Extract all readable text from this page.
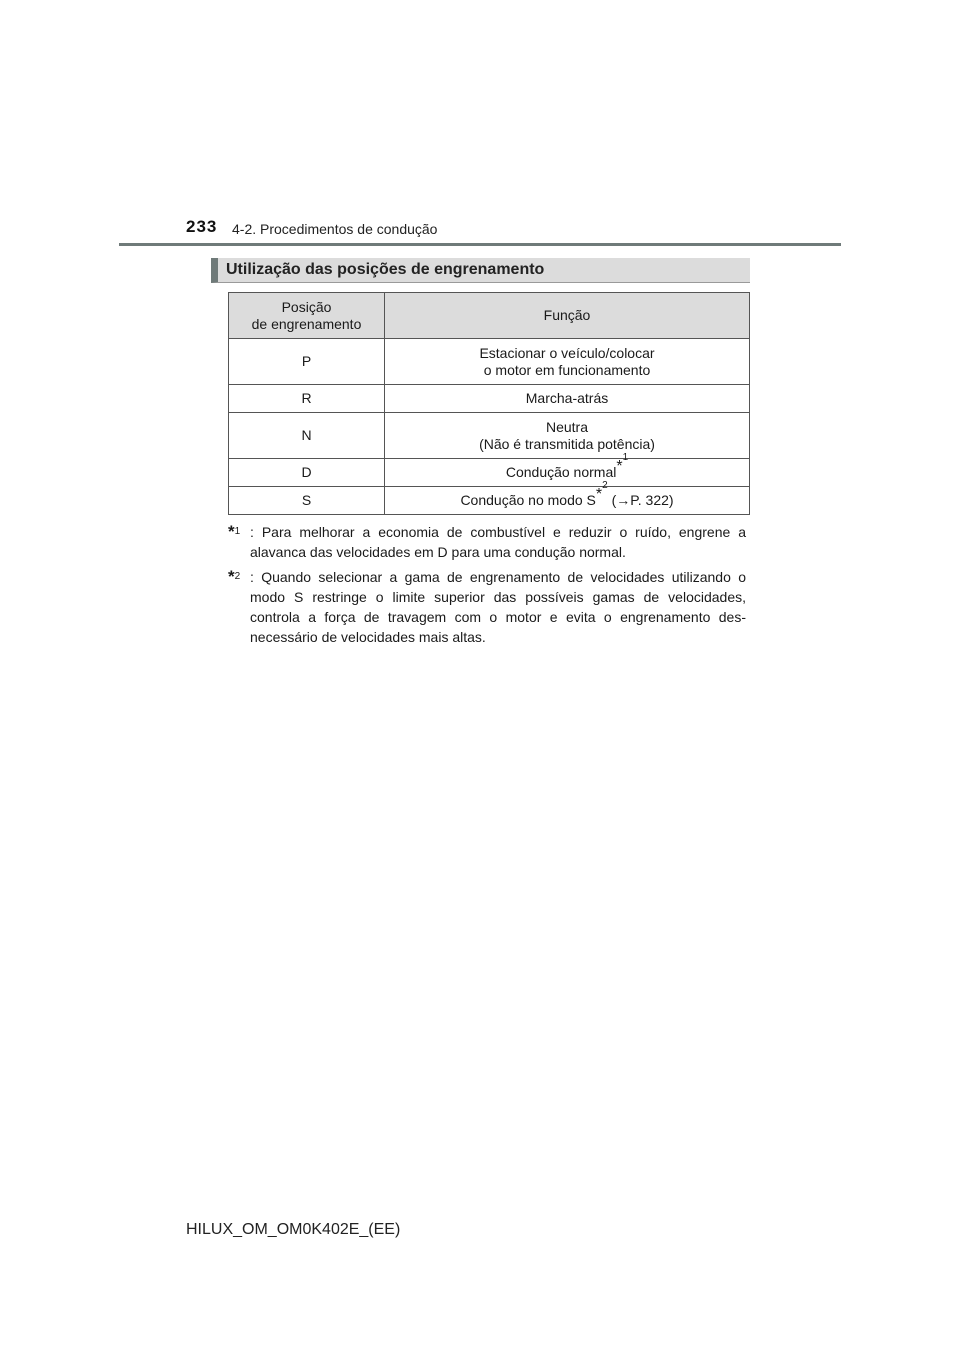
233 4-2. Procedimentos de condução
Utilização das posições de engrenamento
Posição
de engrenamento	Função
P	Estacionar o veículo/colocar
o motor em funcionamento
R	Marcha-atrás
N	Neutra
(Não é transmitida potência)
D	Condução normal$^{*^1}$
S	Condução no modo $S^{*^2}$ (→P. 322)
*$^1$ : Para melhorar a economia de combustível e reduzir o ruído, engrene a alavanca das velocidades em D para uma condução normal.
*$^2$ : Quando selecionar a gama de engrenamento de velocidades utilizando o modo S restringe o limite superior das possíveis gamas de velocidades, controla a força de travagem com o motor e evita o engrenamento des-necessário de velocidades mais altas.
HILUX_OM_OM0K402E_(EE)
